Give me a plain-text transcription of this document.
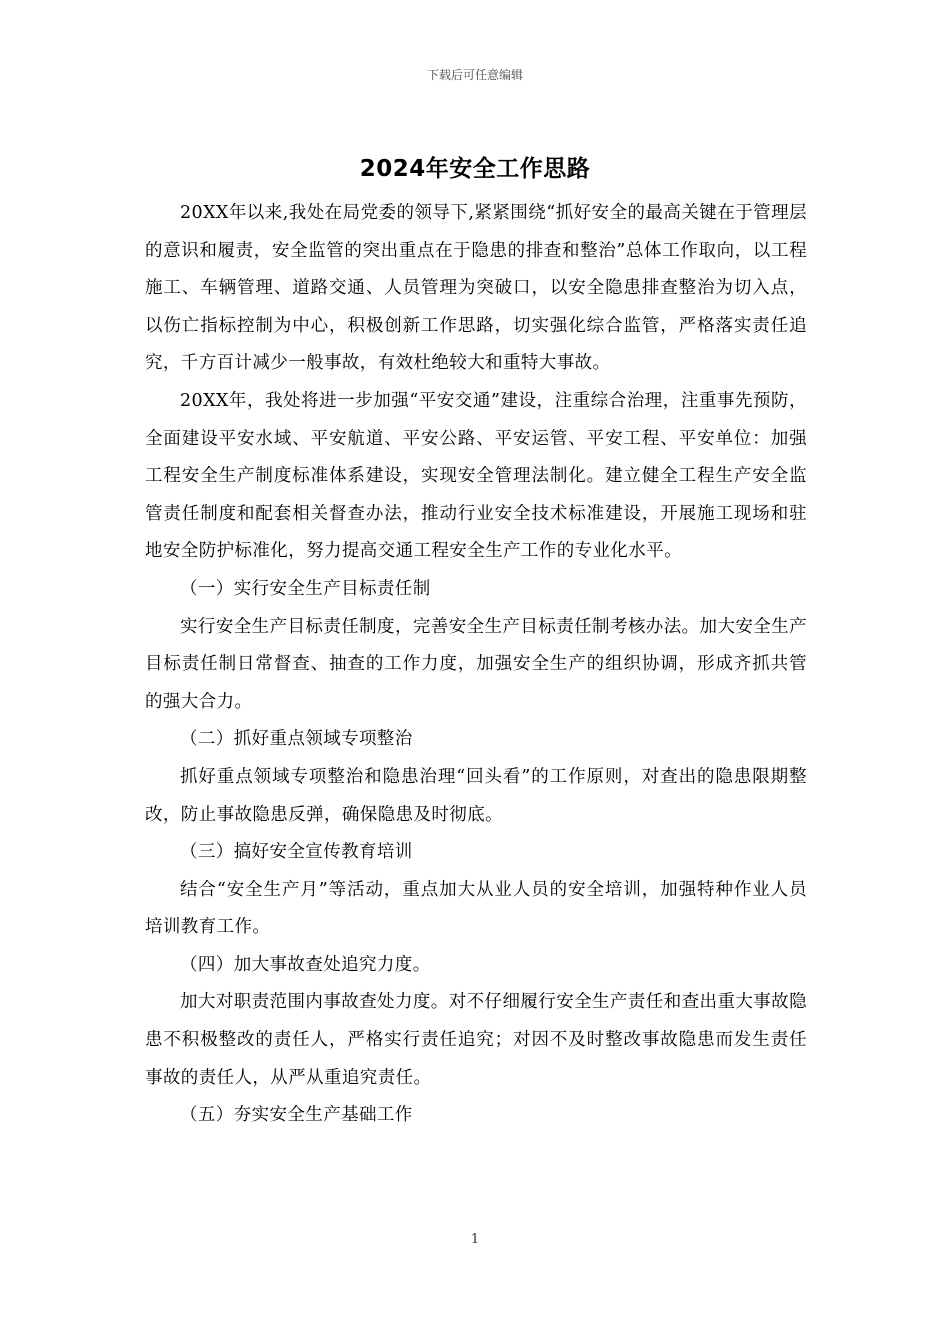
下载后可任意编辑
2024年安全工作思路

20XX年以来,我处在局党委的领导下,紧紧围绕“抓好安全的最高关键在于管理层的意识和履责，安全监管的突出重点在于隐患的排查和整治”总体工作取向，以工程施工、车辆管理、道路交通、人员管理为突破口，以安全隐患排查整治为切入点，以伤亡指标控制为中心，积极创新工作思路，切实强化综合监管，严格落实责任追究，千方百计减少一般事故，有效杜绝较大和重特大事故。

20XX年，我处将进一步加强“平安交通”建设，注重综合治理，注重事先预防，全面建设平安水域、平安航道、平安公路、平安运管、平安工程、平安单位：加强工程安全生产制度标准体系建设，实现安全管理法制化。建立健全工程生产安全监管责任制度和配套相关督查办法，推动行业安全技术标准建设，开展施工现场和驻地安全防护标准化，努力提高交通工程安全生产工作的专业化水平。

（一）实行安全生产目标责任制

实行安全生产目标责任制度，完善安全生产目标责任制考核办法。加大安全生产目标责任制日常督查、抽查的工作力度，加强安全生产的组织协调，形成齐抓共管的强大合力。

（二）抓好重点领域专项整治

抓好重点领域专项整治和隐患治理“回头看”的工作原则，对查出的隐患限期整改，防止事故隐患反弹，确保隐患及时彻底。

（三）搞好安全宣传教育培训

结合“安全生产月”等活动，重点加大从业人员的安全培训，加强特种作业人员培训教育工作。

（四）加大事故查处追究力度。

加大对职责范围内事故查处力度。对不仔细履行安全生产责任和查出重大事故隐患不积极整改的责任人，严格实行责任追究；对因不及时整改事故隐患而发生责任事故的责任人，从严从重追究责任。

（五）夯实安全生产基础工作

1
